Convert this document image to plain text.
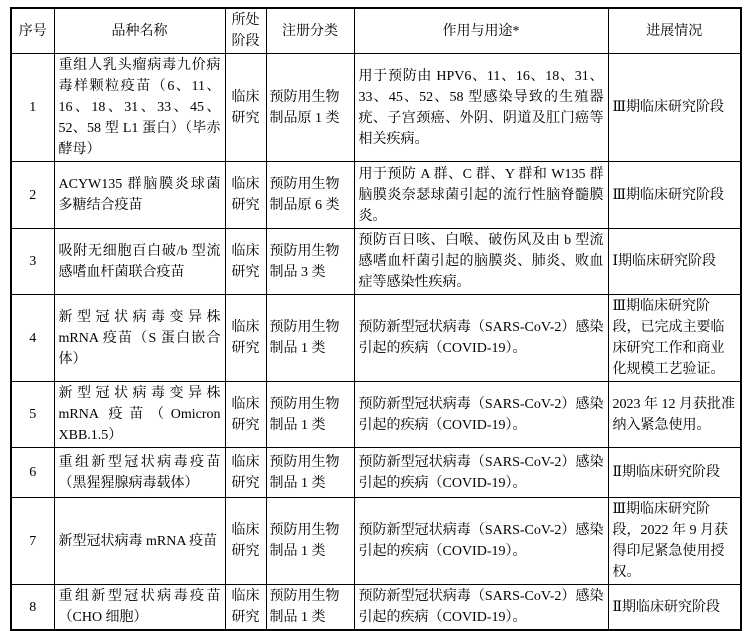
序号	品种名称	所处阶段	注册分类	作用与用途*	进展情况
1	重组人乳头瘤病毒九价病毒样颗粒疫苗（6、11、16、18、31、33、45、52、58 型 L1 蛋白）（毕赤酵母）	临床研究	预防用生物制品原 1 类	用于预防由 HPV6、11、16、18、31、33、45、52、58 型感染导致的生殖器疣、子宫颈癌、外阴、阴道及肛门癌等相关疾病。	Ⅲ期临床研究阶段
2	ACYW135 群脑膜炎球菌多糖结合疫苗	临床研究	预防用生物制品原 6 类	用于预防 A 群、C 群、Y 群和 W135 群脑膜炎奈瑟球菌引起的流行性脑脊髓膜炎。	Ⅲ期临床研究阶段
3	吸附无细胞百白破/b 型流感嗜血杆菌联合疫苗	临床研究	预防用生物制品 3 类	预防百日咳、白喉、破伤风及由 b 型流感嗜血杆菌引起的脑膜炎、肺炎、败血症等感染性疾病。	Ⅰ期临床研究阶段
4	新型冠状病毒变异株 mRNA 疫苗（S 蛋白嵌合体）	临床研究	预防用生物制品 1 类	预防新型冠状病毒（SARS-CoV-2）感染引起的疾病（COVID-19）。	Ⅲ期临床研究阶段，已完成主要临床研究工作和商业化规模工艺验证。
5	新型冠状病毒变异株 mRNA 疫苗（Omicron XBB.1.5）	临床研究	预防用生物制品 1 类	预防新型冠状病毒（SARS-CoV-2）感染引起的疾病（COVID-19）。	2023 年 12 月获批准纳入紧急使用。
6	重组新型冠状病毒疫苗（黑猩猩腺病毒载体）	临床研究	预防用生物制品 1 类	预防新型冠状病毒（SARS-CoV-2）感染引起的疾病（COVID-19）。	Ⅱ期临床研究阶段
7	新型冠状病毒 mRNA 疫苗	临床研究	预防用生物制品 1 类	预防新型冠状病毒（SARS-CoV-2）感染引起的疾病（COVID-19）。	Ⅲ期临床研究阶段，2022 年 9 月获得印尼紧急使用授权。
8	重组新型冠状病毒疫苗（CHO 细胞）	临床研究	预防用生物制品 1 类	预防新型冠状病毒（SARS-CoV-2）感染引起的疾病（COVID-19）。	Ⅱ期临床研究阶段
